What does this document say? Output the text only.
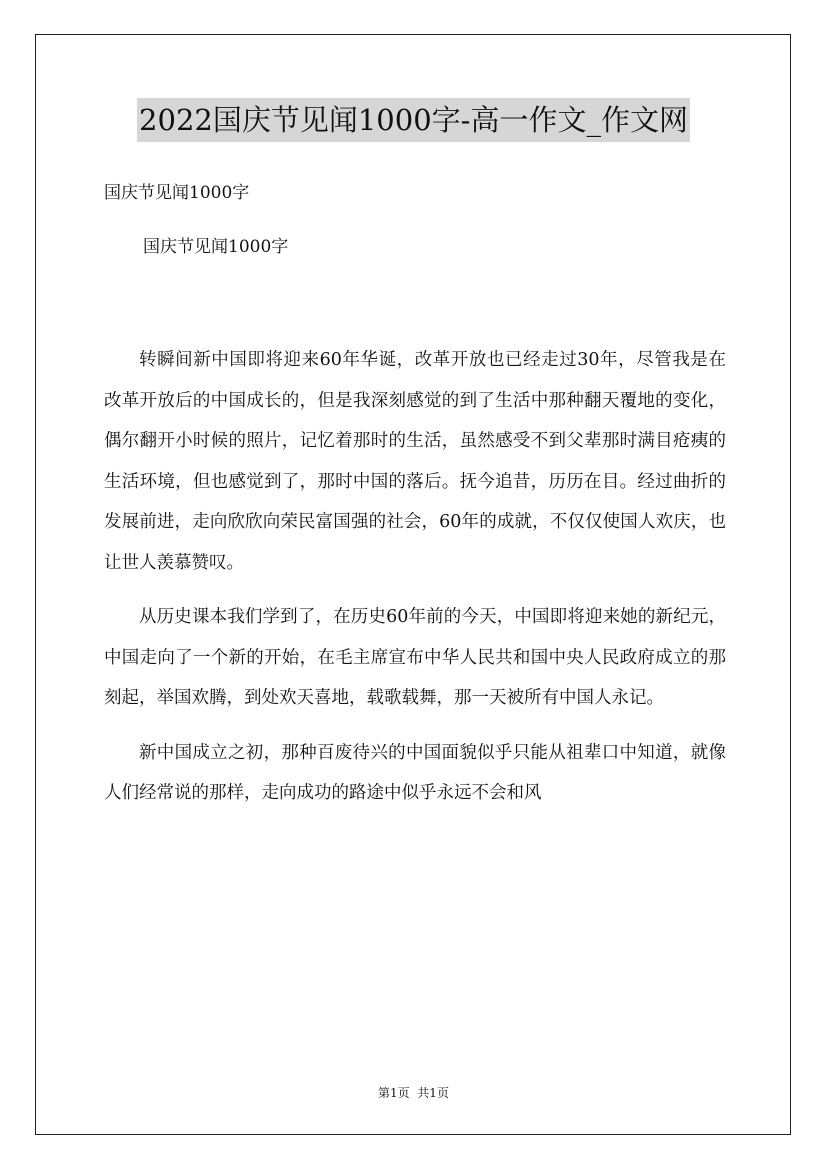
2022国庆节见闻1000字-高一作文_作文网
国庆节见闻1000字
国庆节见闻1000字

转瞬间新中国即将迎来60年华诞，改革开放也已经走过30年，尽管我是在改革开放后的中国成长的，但是我深刻感觉的到了生活中那种翻天覆地的变化，偶尔翻开小时候的照片，记忆着那时的生活，虽然感受不到父辈那时满目疮痍的生活环境，但也感觉到了，那时中国的落后。抚今追昔，历历在目。经过曲折的发展前进，走向欣欣向荣民富国强的社会，60年的成就，不仅仅使国人欢庆，也让世人羡慕赞叹。

从历史课本我们学到了，在历史60年前的今天，中国即将迎来她的新纪元，中国走向了一个新的开始，在毛主席宣布中华人民共和国中央人民政府成立的那刻起，举国欢腾，到处欢天喜地，载歌载舞，那一天被所有中国人永记。

新中国成立之初，那种百废待兴的中国面貌似乎只能从祖辈口中知道，就像人们经常说的那样，走向成功的路途中似乎永远不会和风

第1页  共1页
